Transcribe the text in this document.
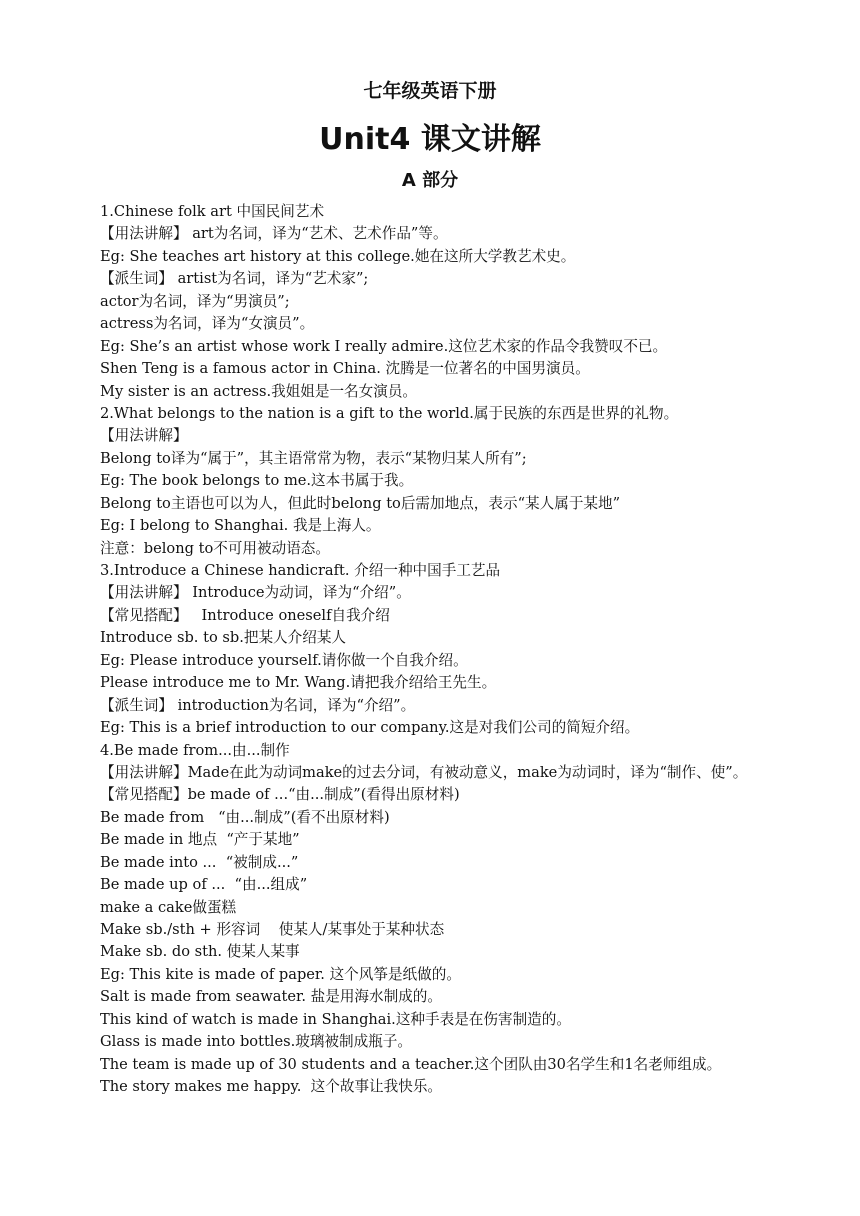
七年级英语下册
Unit4 课文讲解
A 部分
1.Chinese folk art 中国民间艺术
【用法讲解】 art为名词，译为“艺术、艺术作品”等。
Eg: She teaches art history at this college.她在这所大学教艺术史。
【派生词】 artist为名词，译为“艺术家”;
actor为名词，译为“男演员”;
actress为名词，译为“女演员”。
Eg: She’s an artist whose work I really admire.这位艺术家的作品令我赞叹不已。
Shen Teng is a famous actor in China. 沈腾是一位著名的中国男演员。
My sister is an actress.我姐姐是一名女演员。
2.What belongs to the nation is a gift to the world.属于民族的东西是世界的礼物。
【用法讲解】
Belong to译为“属于”，其主语常常为物，表示“某物归某人所有”;
Eg: The book belongs to me.这本书属于我。
Belong to主语也可以为人，但此时belong to后需加地点，表示“某人属于某地”
Eg: I belong to Shanghai. 我是上海人。
注意：belong to不可用被动语态。
3.Introduce a Chinese handicraft. 介绍一种中国手工艺品
【用法讲解】 Introduce为动词，译为“介绍”。
【常见搭配】   Introduce oneself自我介绍
Introduce sb. to sb.把某人介绍某人
Eg: Please introduce yourself.请你做一个自我介绍。
Please introduce me to Mr. Wang.请把我介绍给王先生。
【派生词】 introduction为名词，译为“介绍”。
Eg: This is a brief introduction to our company.这是对我们公司的简短介绍。
4.Be made from...由...制作
【用法讲解】Made在此为动词make的过去分词，有被动意义，make为动词时，译为“制作、使”。
【常见搭配】be made of ...“由...制成”(看得出原材料)
Be made from   “由...制成”(看不出原材料)
Be made in 地点  “产于某地”
Be made into ...  “被制成...”
Be made up of ...  “由...组成”
make a cake做蛋糕
Make sb./sth + 形容词    使某人/某事处于某种状态
Make sb. do sth. 使某人某事
Eg: This kite is made of paper. 这个风筝是纸做的。
Salt is made from seawater. 盐是用海水制成的。
This kind of watch is made in Shanghai.这种手表是在伤害制造的。
Glass is made into bottles.玻璃被制成瓶子。
The team is made up of 30 students and a teacher.这个团队由30名学生和1名老师组成。
The story makes me happy.  这个故事让我快乐。
